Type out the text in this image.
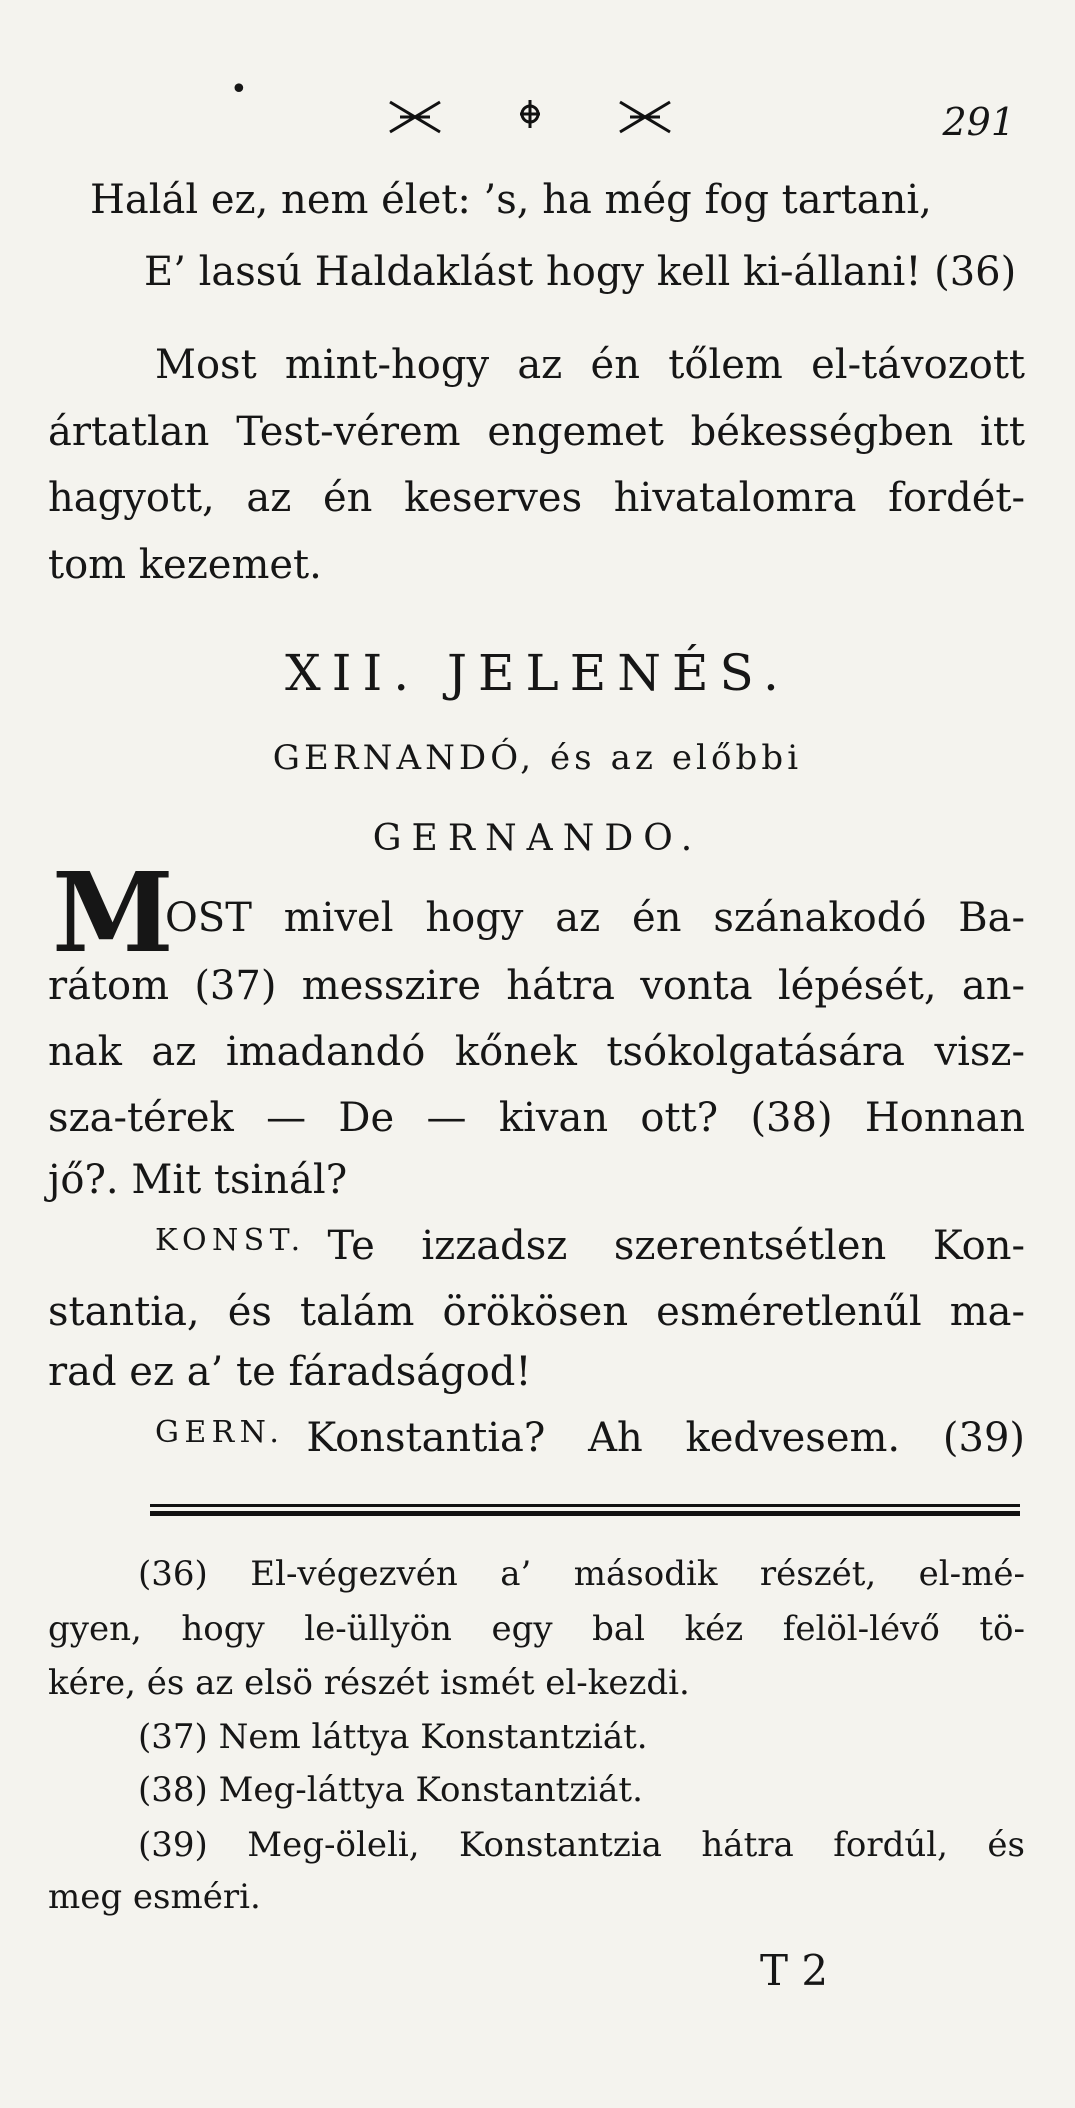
•
291
Halál ez, nem élet: ’s, ha még fog tartani,
E’ lassú Haldaklást hogy kell ki-állani! (36)
Most mint-hogy az én tőlem el-távozott
ártatlan Test-vérem engemet békességben itt
hagyott, az én keserves hivatalomra fordét-
tom kezemet.
XII. JELENÉS.
GERNANDÓ, és az előbbi
GERNANDO.
M
OST mivel hogy az én szánakodó Ba-
rátom (37) messzire hátra vonta lépését, an-
nak az imadandó kőnek tsókolgatására visz-
sza-térek — De — kivan ott? (38) Honnan
jő?. Mit tsinál?
KONST. Te izzadsz szerentsétlen Kon-
stantia, és talám örökösen esméretlenűl ma-
rad ez a’ te fáradságod!
GERN. Konstantia? Ah kedvesem. (39)
(36) El-végezvén a’ második részét, el-mé-
gyen, hogy le-üllyön egy bal kéz felöl-lévő tö-
kére, és az elsö részét ismét el-kezdi.
(37) Nem láttya Konstantziát.
(38) Meg-láttya Konstantziát.
(39) Meg-öleli, Konstantzia hátra fordúl, és
meg esméri.
T 2
